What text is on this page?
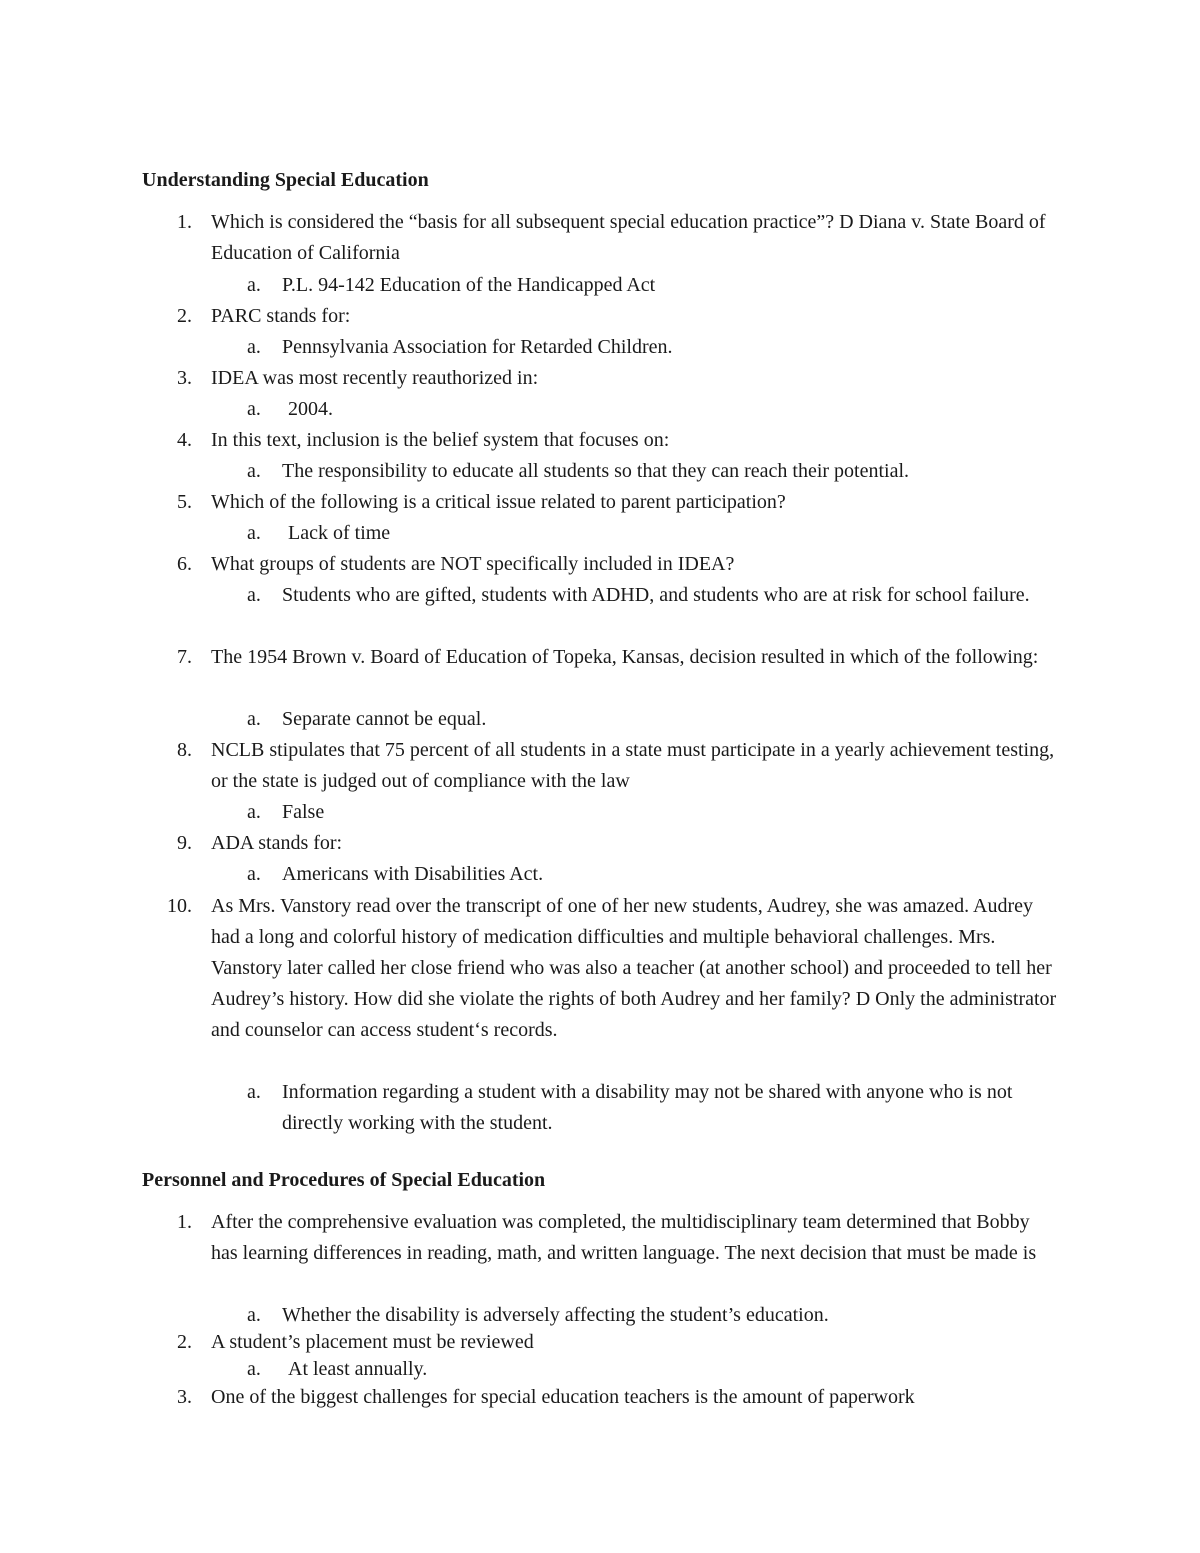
Understanding Special Education
1. Which is considered the “basis for all subsequent special education practice”? D Diana v. State Board of Education of California

a. P.L. 94-142 Education of the Handicapped Act

2. PARC stands for:

a. Pennsylvania Association for Retarded Children.

3. IDEA was most recently reauthorized in:

a. 2004.

4. In this text, inclusion is the belief system that focuses on:

a. The responsibility to educate all students so that they can reach their potential.

5. Which of the following is a critical issue related to parent participation?

a. Lack of time

6. What groups of students are NOT specifically included in IDEA?

a. Students who are gifted, students with ADHD, and students who are at risk for school failure.

7. The 1954 Brown v. Board of Education of Topeka, Kansas, decision resulted in which of the following:

a. Separate cannot be equal.

8. NCLB stipulates that 75 percent of all students in a state must participate in a yearly achievement testing, or the state is judged out of compliance with the law

a. False

9. ADA stands for:

a. Americans with Disabilities Act.

10. As Mrs. Vanstory read over the transcript of one of her new students, Audrey, she was amazed. Audrey had a long and colorful history of medication difficulties and multiple behavioral challenges. Mrs. Vanstory later called her close friend who was also a teacher (at another school) and proceeded to tell her Audrey’s history. How did she violate the rights of both Audrey and her family? D Only the administrator and counselor can access student‘s records.

a. Information regarding a student with a disability may not be shared with anyone who is not directly working with the student.

Personnel and Procedures of Special Education
1. After the comprehensive evaluation was completed, the multidisciplinary team determined that Bobby has learning differences in reading, math, and written language. The next decision that must be made is

a. Whether the disability is adversely affecting the student’s education.

2. A student’s placement must be reviewed

a. At least annually.

3. One of the biggest challenges for special education teachers is the amount of paperwork
